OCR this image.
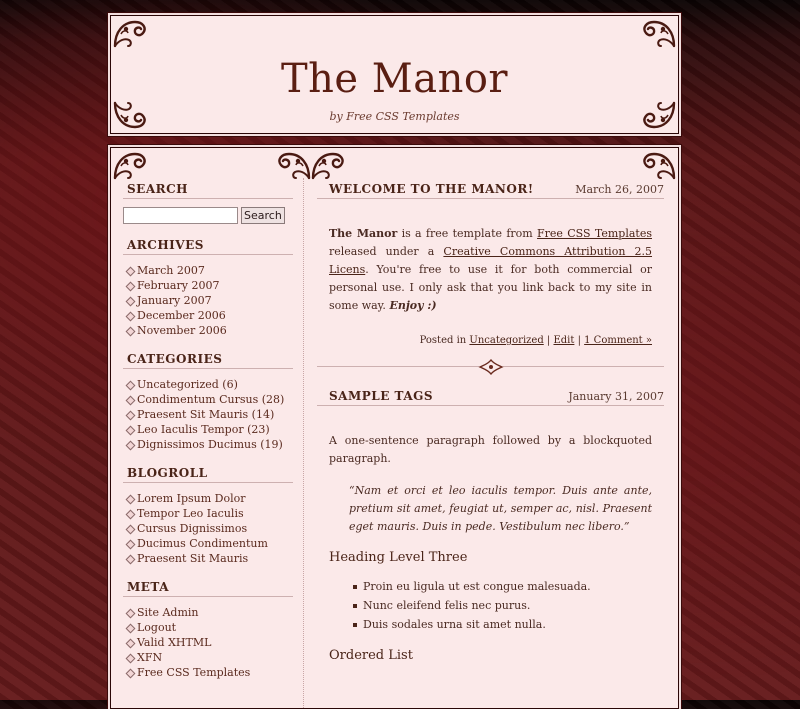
The Manor
by Free CSS Templates
SEARCH
Search
ARCHIVES
March 2007
February 2007
January 2007
December 2006
November 2006
CATEGORIES
Uncategorized (6)
Condimentum Cursus (28)
Praesent Sit Mauris (14)
Leo Iaculis Tempor (23)
Dignissimos Ducimus (19)
BLOGROLL
Lorem Ipsum Dolor
Tempor Leo Iaculis
Cursus Dignissimos
Ducimus Condimentum
Praesent Sit Mauris
META
Site Admin
Logout
Valid XHTML
XFN
Free CSS Templates
WELCOME TO THE MANOR!	March 26, 2007
The Manor is a free template from Free CSS Templates released under a Creative Commons Attribution 2.5 Licens. You're free to use it for both commercial or personal use. I only ask that you link back to my site in some way. Enjoy :)
Posted in Uncategorized | Edit | 1 Comment »
SAMPLE TAGS	January 31, 2007
A one-sentence paragraph followed by a blockquoted paragraph.
“Nam et orci et leo iaculis tempor. Duis ante ante, pretium sit amet, feugiat ut, semper ac, nisl. Praesent eget mauris. Duis in pede. Vestibulum nec libero.”
Heading Level Three
Proin eu ligula ut est congue malesuada.
Nunc eleifend felis nec purus.
Duis sodales urna sit amet nulla.
Ordered List
